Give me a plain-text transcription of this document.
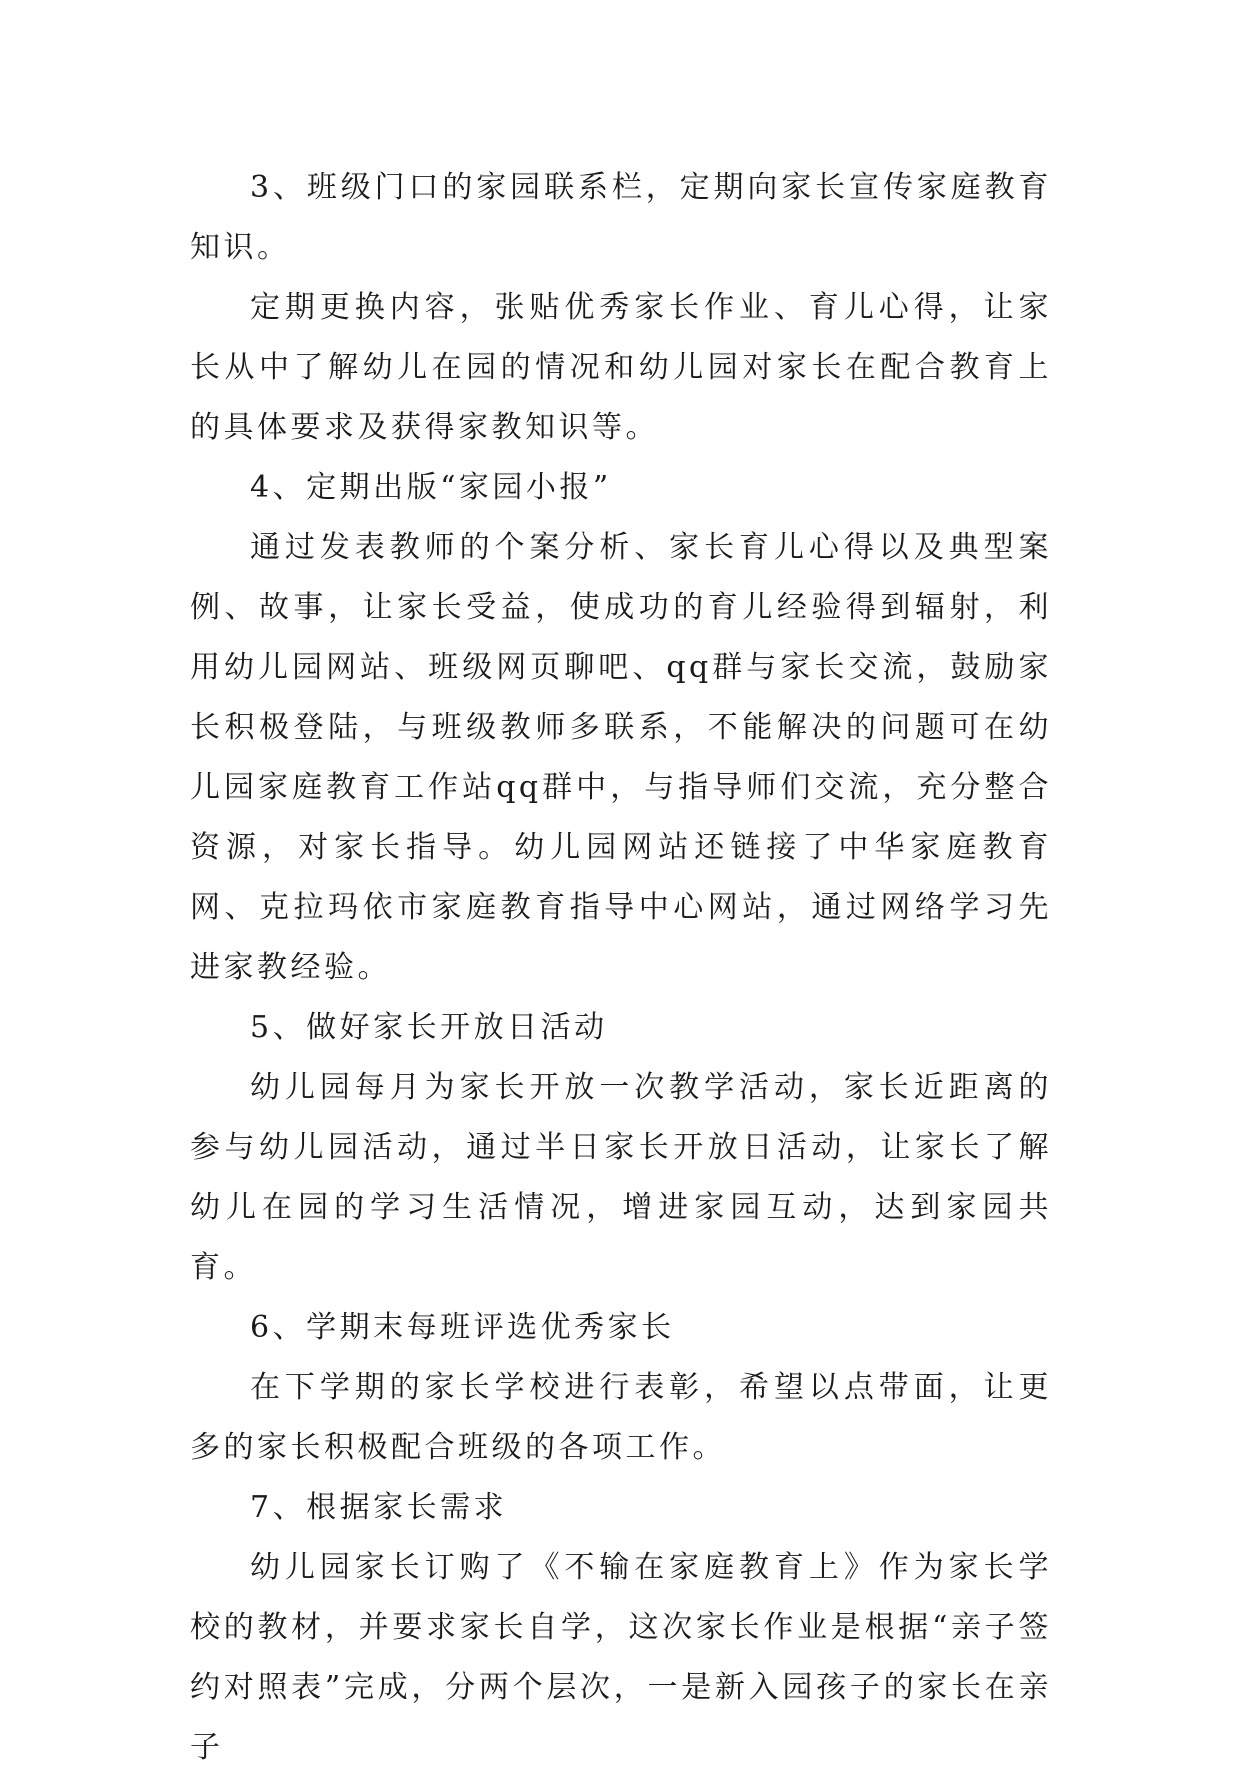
3、班级门口的家园联系栏，定期向家长宣传家庭教育知识。

定期更换内容，张贴优秀家长作业、育儿心得，让家长从中了解幼儿在园的情况和幼儿园对家长在配合教育上的具体要求及获得家教知识等。

4、定期出版“家园小报”

通过发表教师的个案分析、家长育儿心得以及典型案例、故事，让家长受益，使成功的育儿经验得到辐射，利用幼儿园网站、班级网页聊吧、qq群与家长交流，鼓励家长积极登陆，与班级教师多联系，不能解决的问题可在幼儿园家庭教育工作站qq群中，与指导师们交流，充分整合资源，对家长指导。幼儿园网站还链接了中华家庭教育网、克拉玛依市家庭教育指导中心网站，通过网络学习先进家教经验。

5、做好家长开放日活动

幼儿园每月为家长开放一次教学活动，家长近距离的参与幼儿园活动，通过半日家长开放日活动，让家长了解幼儿在园的学习生活情况，增进家园互动，达到家园共育。

6、学期末每班评选优秀家长

在下学期的家长学校进行表彰，希望以点带面，让更多的家长积极配合班级的各项工作。

7、根据家长需求

幼儿园家长订购了《不输在家庭教育上》作为家长学校的教材，并要求家长自学，这次家长作业是根据“亲子签约对照表”完成，分两个层次，一是新入园孩子的家长在亲子
